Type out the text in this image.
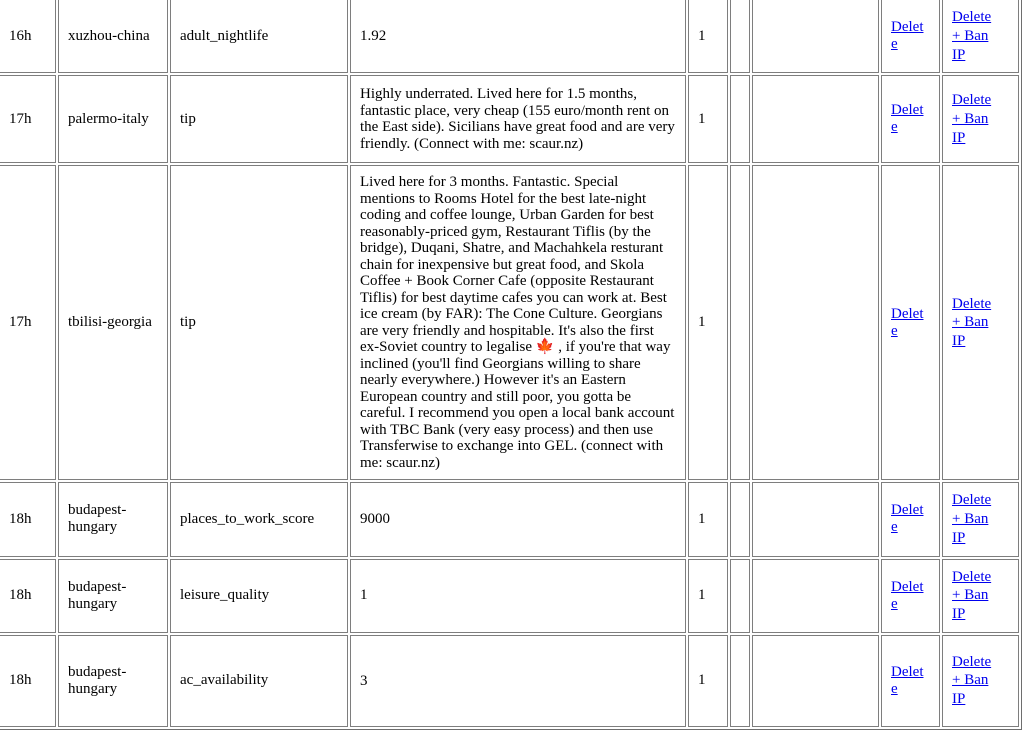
16h	xuzhou-china	adult_nightlife	1.92	1			Delete	Delete + Ban IP
17h	palermo-italy	tip	Highly underrated. Lived here for 1.5 months, fantastic place, very cheap (155 euro/month rent on the East side). Sicilians have great food and are very friendly. (Connect with me: scaur.nz)	1			Delete	Delete + Ban IP
17h	tbilisi-georgia	tip	Lived here for 3 months. Fantastic. Special mentions to Rooms Hotel for the best late-night coding and coffee lounge, Urban Garden for best reasonably-priced gym, Restaurant Tiflis (by the bridge), Duqani, Shatre, and Machahkela resturant chain for inexpensive but great food, and Skola Coffee + Book Corner Cafe (opposite Restaurant Tiflis) for best daytime cafes you can work at. Best ice cream (by FAR): The Cone Culture. Georgians are very friendly and hospitable. It's also the first ex-Soviet country to legalise 🍁 , if you're that way inclined (you'll find Georgians willing to share nearly everywhere.) However it's an Eastern European country and still poor, you gotta be careful. I recommend you open a local bank account with TBC Bank (very easy process) and then use Transferwise to exchange into GEL. (connect with me: scaur.nz)	1			Delete	Delete + Ban IP
18h	budapest-hungary	places_to_work_score	9000	1			Delete	Delete + Ban IP
18h	budapest-hungary	leisure_quality	1	1			Delete	Delete + Ban IP
18h	budapest-hungary	ac_availability	3	1			Delete	Delete + Ban IP
